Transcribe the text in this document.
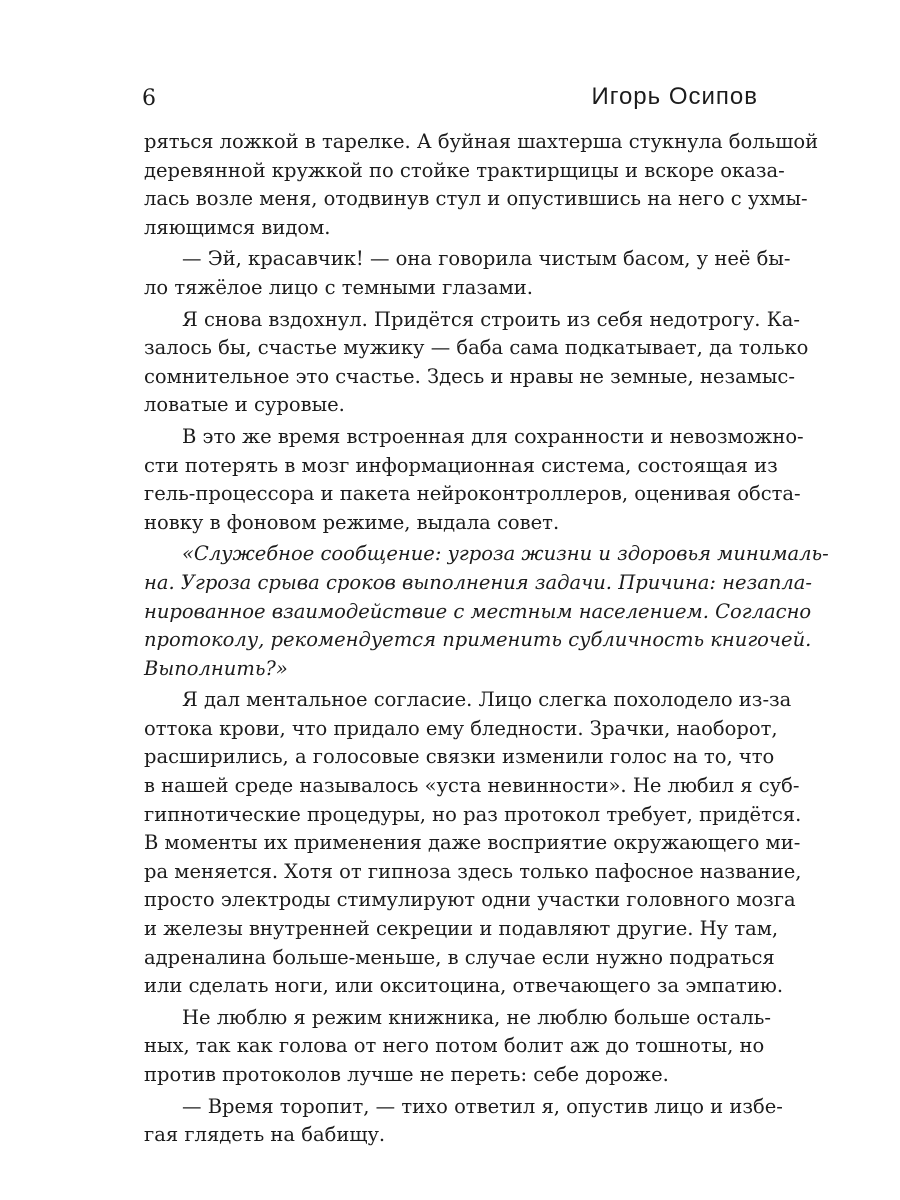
6	Игорь Осипов
ряться ложкой в тарелке. А буйная шахтерша стукнула большой
деревянной кружкой по стойке трактирщицы и вскоре оказа-
лась возле меня, отодвинув стул и опустившись на него с ухмы-
ляющимся видом.
— Эй, красавчик! — она говорила чистым басом, у неё бы-
ло тяжёлое лицо с темными глазами.
Я снова вздохнул. Придётся строить из себя недотрогу. Ка-
залось бы, счастье мужику — баба сама подкатывает, да только
сомнительное это счастье. Здесь и нравы не земные, незамыс-
ловатые и суровые.
В это же время встроенная для сохранности и невозможно-
сти потерять в мозг информационная система, состоящая из
гель-процессора и пакета нейроконтроллеров, оценивая обста-
новку в фоновом режиме, выдала совет.
«Служебное сообщение: угроза жизни и здоровья минималь-
на. Угроза срыва сроков выполнения задачи. Причина: незапла-
нированное взаимодействие с местным населением. Согласно
протоколу, рекомендуется применить субличность книгочей.
Выполнить?»
Я дал ментальное согласие. Лицо слегка похолодело из-за
оттока крови, что придало ему бледности. Зрачки, наоборот,
расширились, а голосовые связки изменили голос на то, что
в нашей среде называлось «уста невинности». Не любил я суб-
гипнотические процедуры, но раз протокол требует, придётся.
В моменты их применения даже восприятие окружающего ми-
ра меняется. Хотя от гипноза здесь только пафосное название,
просто электроды стимулируют одни участки головного мозга
и железы внутренней секреции и подавляют другие. Ну там,
адреналина больше-меньше, в случае если нужно подраться
или сделать ноги, или окситоцина, отвечающего за эмпатию.
Не люблю я режим книжника, не люблю больше осталь-
ных, так как голова от него потом болит аж до тошноты, но
против протоколов лучше не переть: себе дороже.
— Время торопит, — тихо ответил я, опустив лицо и избе-
гая глядеть на бабищу.
